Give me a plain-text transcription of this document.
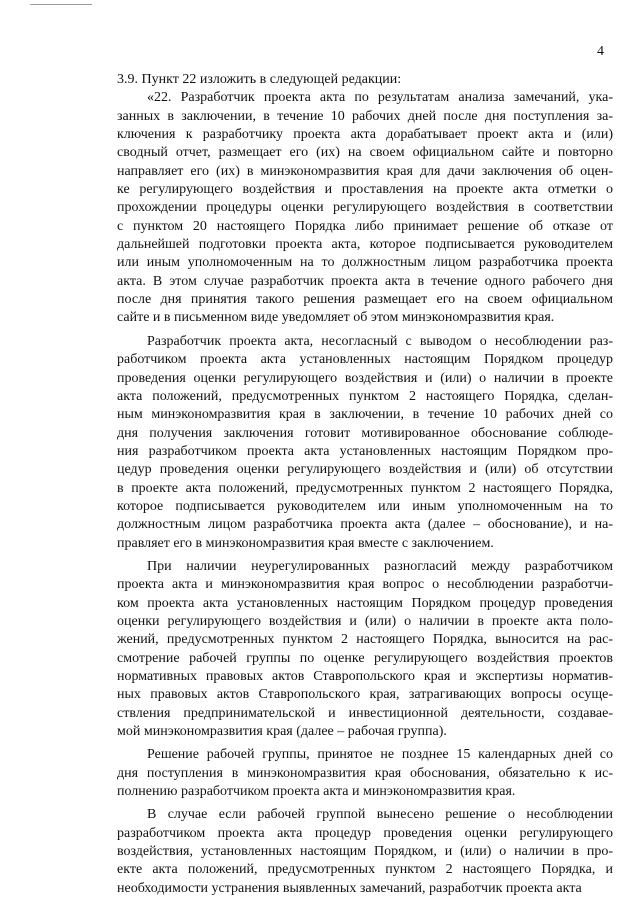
4
3.9. Пункт 22 изложить в следующей редакции:
«22. Разработчик проекта акта по результатам анализа замечаний, ука-
занных в заключении, в течение 10 рабочих дней после дня поступления за-
ключения к разработчику проекта акта дорабатывает проект акта и (или)
сводный отчет, размещает его (их) на своем официальном сайте и повторно
направляет его (их) в минэкономразвития края для дачи заключения об оцен-
ке регулирующего воздействия и проставления на проекте акта отметки о
прохождении процедуры оценки регулирующего воздействия в соответствии
с пунктом 20 настоящего Порядка либо принимает решение об отказе от
дальнейшей подготовки проекта акта, которое подписывается руководителем
или иным уполномоченным на то должностным лицом разработчика проекта
акта. В этом случае разработчик проекта акта в течение одного рабочего дня
после дня принятия такого решения размещает его на своем официальном
сайте и в письменном виде уведомляет об этом минэкономразвития края.
Разработчик проекта акта, несогласный с выводом о несоблюдении раз-
работчиком проекта акта установленных настоящим Порядком процедур
проведения оценки регулирующего воздействия и (или) о наличии в проекте
акта положений, предусмотренных пунктом 2 настоящего Порядка, сделан-
ным минэкономразвития края в заключении, в течение 10 рабочих дней со
дня получения заключения готовит мотивированное обоснование соблюде-
ния разработчиком проекта акта установленных настоящим Порядком про-
цедур проведения оценки регулирующего воздействия и (или) об отсутствии
в проекте акта положений, предусмотренных пунктом 2 настоящего Порядка,
которое подписывается руководителем или иным уполномоченным на то
должностным лицом разработчика проекта акта (далее – обоснование), и на-
правляет его в минэкономразвития края вместе с заключением.
При наличии неурегулированных разногласий между разработчиком
проекта акта и минэкономразвития края вопрос о несоблюдении разработчи-
ком проекта акта установленных настоящим Порядком процедур проведения
оценки регулирующего воздействия и (или) о наличии в проекте акта поло-
жений, предусмотренных пунктом 2 настоящего Порядка, выносится на рас-
смотрение рабочей группы по оценке регулирующего воздействия проектов
нормативных правовых актов Ставропольского края и экспертизы норматив-
ных правовых актов Ставропольского края, затрагивающих вопросы осуще-
ствления предпринимательской и инвестиционной деятельности, создавае-
мой минэкономразвития края (далее – рабочая группа).
Решение рабочей группы, принятое не позднее 15 календарных дней со
дня поступления в минэкономразвития края обоснования, обязательно к ис-
полнению разработчиком проекта акта и минэкономразвития края.
В случае если рабочей группой вынесено решение о несоблюдении
разработчиком проекта акта процедур проведения оценки регулирующего
воздействия, установленных настоящим Порядком, и (или) о наличии в про-
екте акта положений, предусмотренных пунктом 2 настоящего Порядка, и
необходимости устранения выявленных замечаний, разработчик проекта акта
